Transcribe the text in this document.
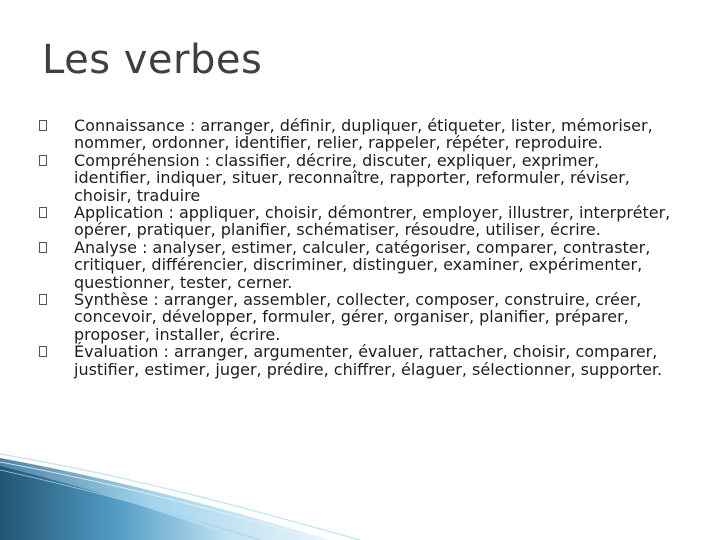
Les verbes
Connaissance : arranger, définir, dupliquer, étiqueter, lister, mémoriser, nommer, ordonner, identifier, relier, rappeler, répéter, reproduire.
Compréhension : classifier, décrire, discuter, expliquer, exprimer, identifier, indiquer, situer, reconnaître, rapporter, reformuler, réviser, choisir, traduire
Application : appliquer, choisir, démontrer, employer, illustrer, interpréter, opérer, pratiquer, planifier, schématiser, résoudre, utiliser, écrire.
Analyse : analyser, estimer, calculer, catégoriser, comparer, contraster, critiquer, différencier, discriminer, distinguer, examiner, expérimenter, questionner, tester, cerner.
Synthèse : arranger, assembler, collecter, composer, construire, créer, concevoir, développer, formuler, gérer, organiser, planifier, préparer, proposer, installer, écrire.
Évaluation : arranger, argumenter, évaluer, rattacher, choisir, comparer, justifier, estimer, juger, prédire, chiffrer, élaguer, sélectionner, supporter.
